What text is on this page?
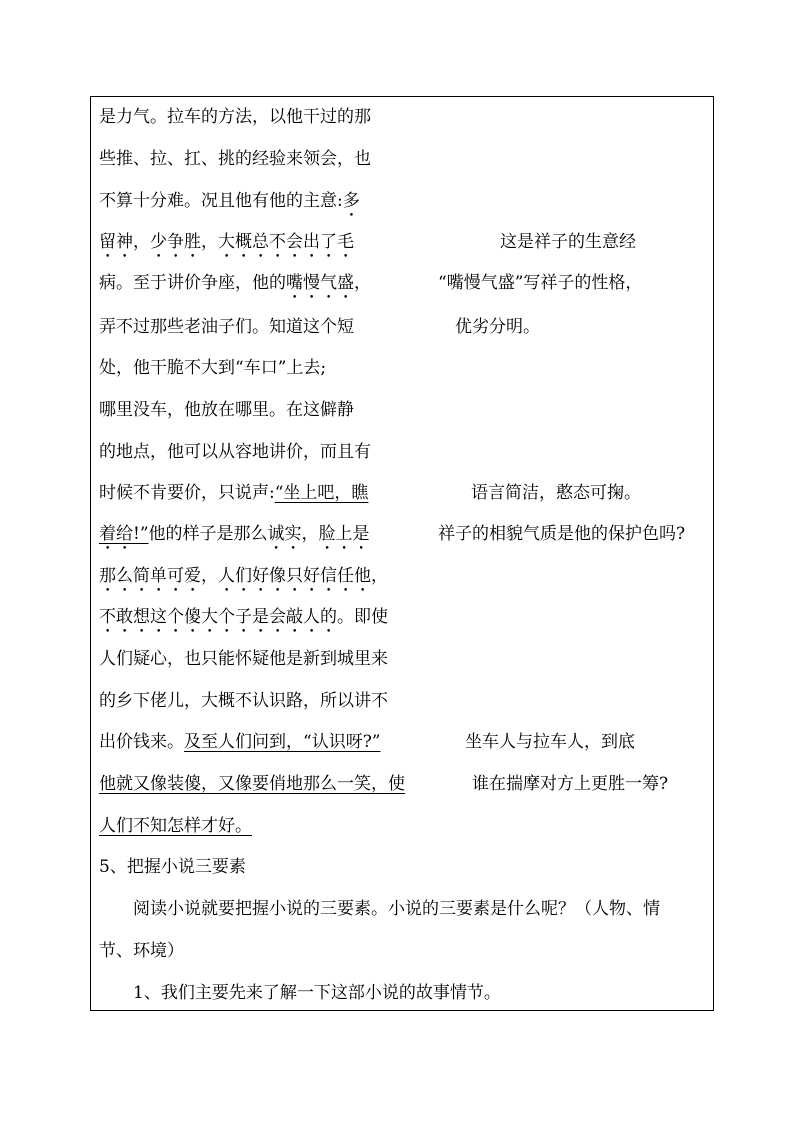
是力气。拉车的方法，以他干过的那
些推、拉、扛、挑的经验来领会，也
不算十分难。况且他有他的主意:多
留神，少争胜，大概总不会出了毛
病。至于讲价争座，他的嘴慢气盛，
弄不过那些老油子们。知道这个短
处，他干脆不大到“车口”上去;
哪里没车，他放在哪里。在这僻静
的地点，他可以从容地讲价，而且有
时候不肯要价，只说声:“坐上吧，瞧
着给!”他的样子是那么诚实，脸上是
那么简单可爱，人们好像只好信任他，
不敢想这个傻大个子是会敲人的。即使
人们疑心，也只能怀疑他是新到城里来
的乡下佬儿，大概不认识路，所以讲不
出价钱来。及至人们问到，“认识呀?”
他就又像装傻，又像要俏地那么一笑，使
人们不知怎样才好。
这是祥子的生意经
“嘴慢气盛”写祥子的性格，
优劣分明。
语言简洁，憨态可掬。
祥子的相貌气质是他的保护色吗?
坐车人与拉车人，到底
谁在揣摩对方上更胜一筹?
5、把握小说三要素
阅读小说就要把握小说的三要素。小说的三要素是什么呢？（人物、情
节、环境）
1、我们主要先来了解一下这部小说的故事情节。
